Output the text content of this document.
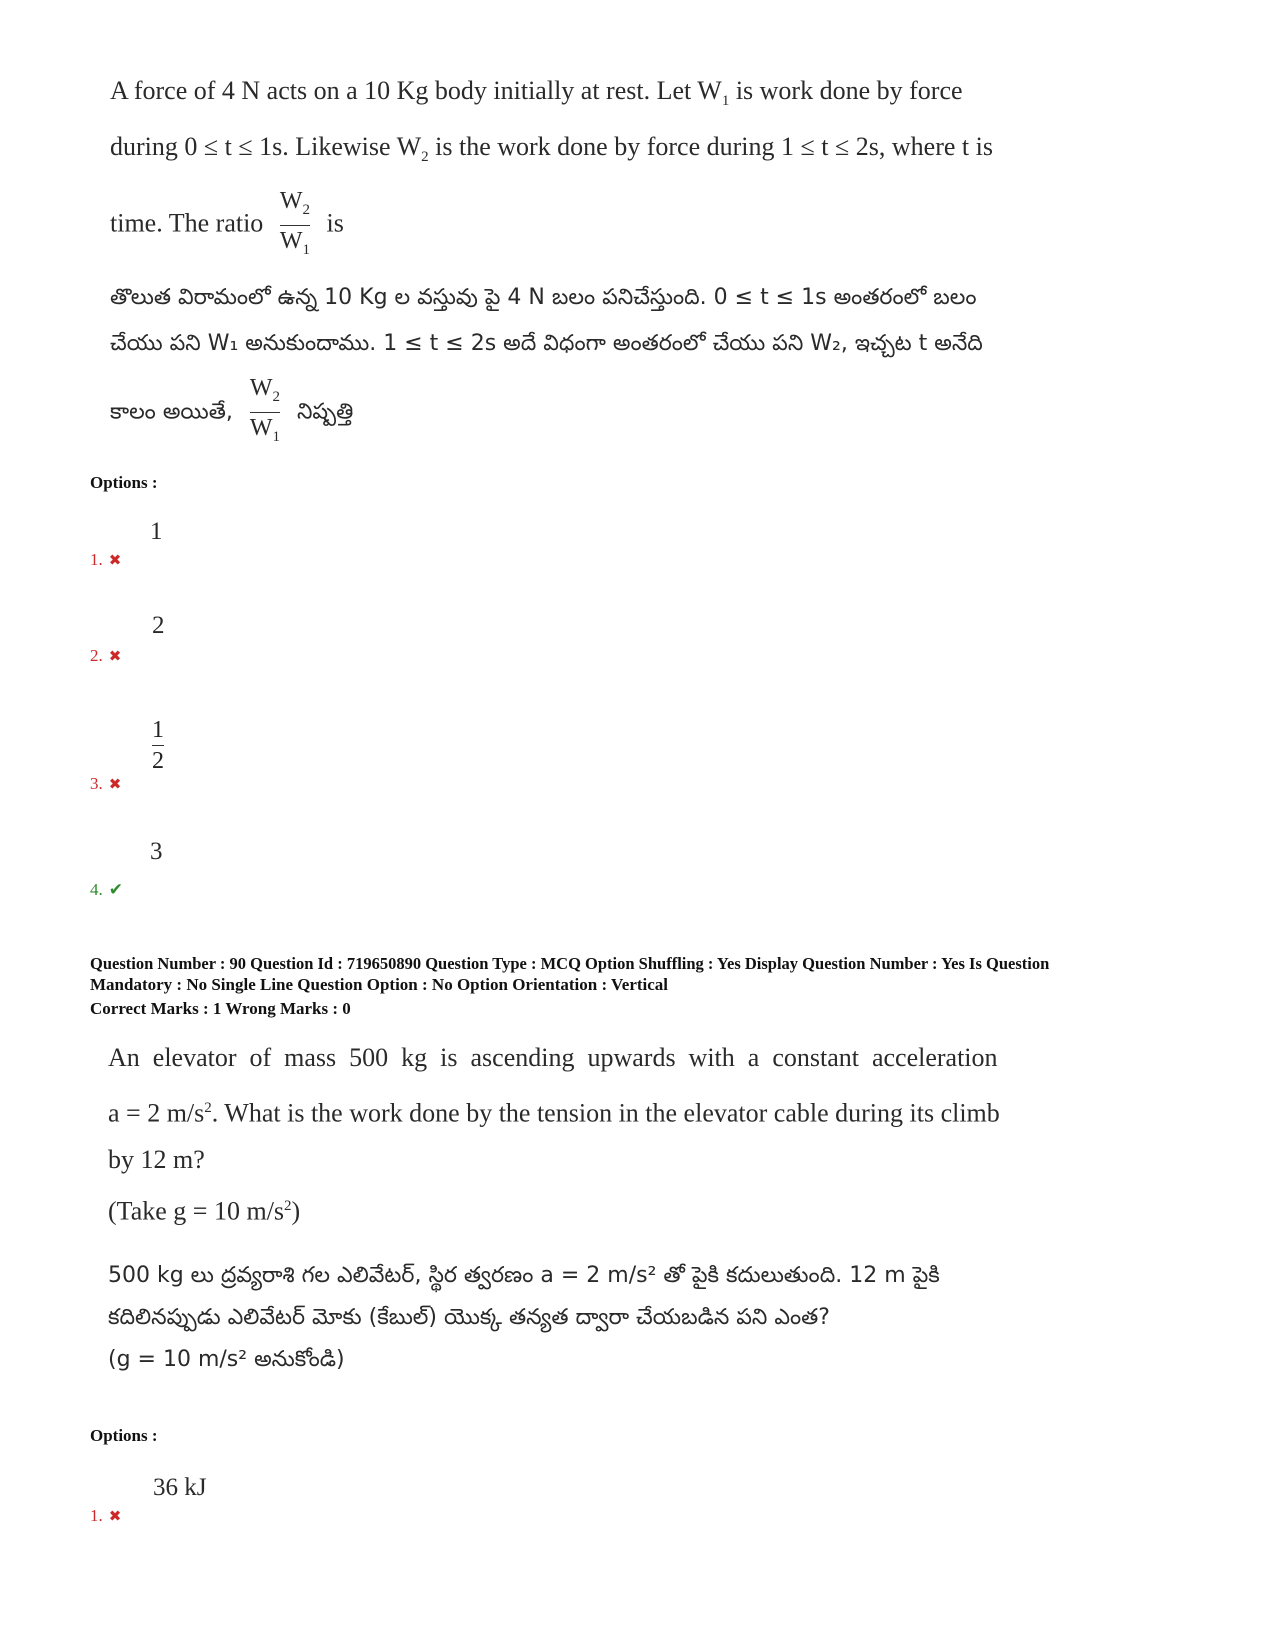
A force of 4 N acts on a 10 Kg body initially at rest. Let $W_1$ is work done by force
during 0 ≤ t ≤ 1s. Likewise $W_2$ is the work done by force during 1 ≤ t ≤ 2s, where t is
time. The ratio $\frac{W_2}{W_1}$ is
తొలుత విరామంలో ఉన్న 10 Kg ల వస్తువు పై 4 N బలం పనిచేస్తుంది. 0 ≤ t ≤ 1s అంతరంలో బలం
చేయు పని W₁ అనుకుందాము. 1 ≤ t ≤ 2s అదే విధంగా అంతరంలో చేయు పని W₂, ఇచ్చట t అనేది
కాలం అయితే, $\frac{W_2}{W_1}$ నిష్పత్తి
Options :
1
1. ✖
2
2. ✖
$\frac{1}{2}$
3. ✖
3
4. ✔
Question Number : 90 Question Id : 719650890 Question Type : MCQ Option Shuffling : Yes Display Question Number : Yes Is Question
Mandatory : No Single Line Question Option : No Option Orientation : Vertical
Correct Marks : 1 Wrong Marks : 0
An  elevator  of  mass  500  kg  is  ascending  upwards  with  a  constant  acceleration
a = 2 $m/s^2$. What is the work done by the tension in the elevator cable during its climb
by 12 m?
(Take g = 10 $m/s^2$)
500 kg లు ద్రవ్యరాశి గల ఎలివేటర్, స్థిర త్వరణం a = 2 m/s² తో పైకి కదులుతుంది. 12 m పైకి
కదిలినప్పుడు ఎలివేటర్ మోకు (కేబుల్) యొక్క తన్యత ద్వారా చేయబడిన పని ఎంత?
(g = 10 m/s² అనుకోండి)
Options :
36 kJ
1. ✖
